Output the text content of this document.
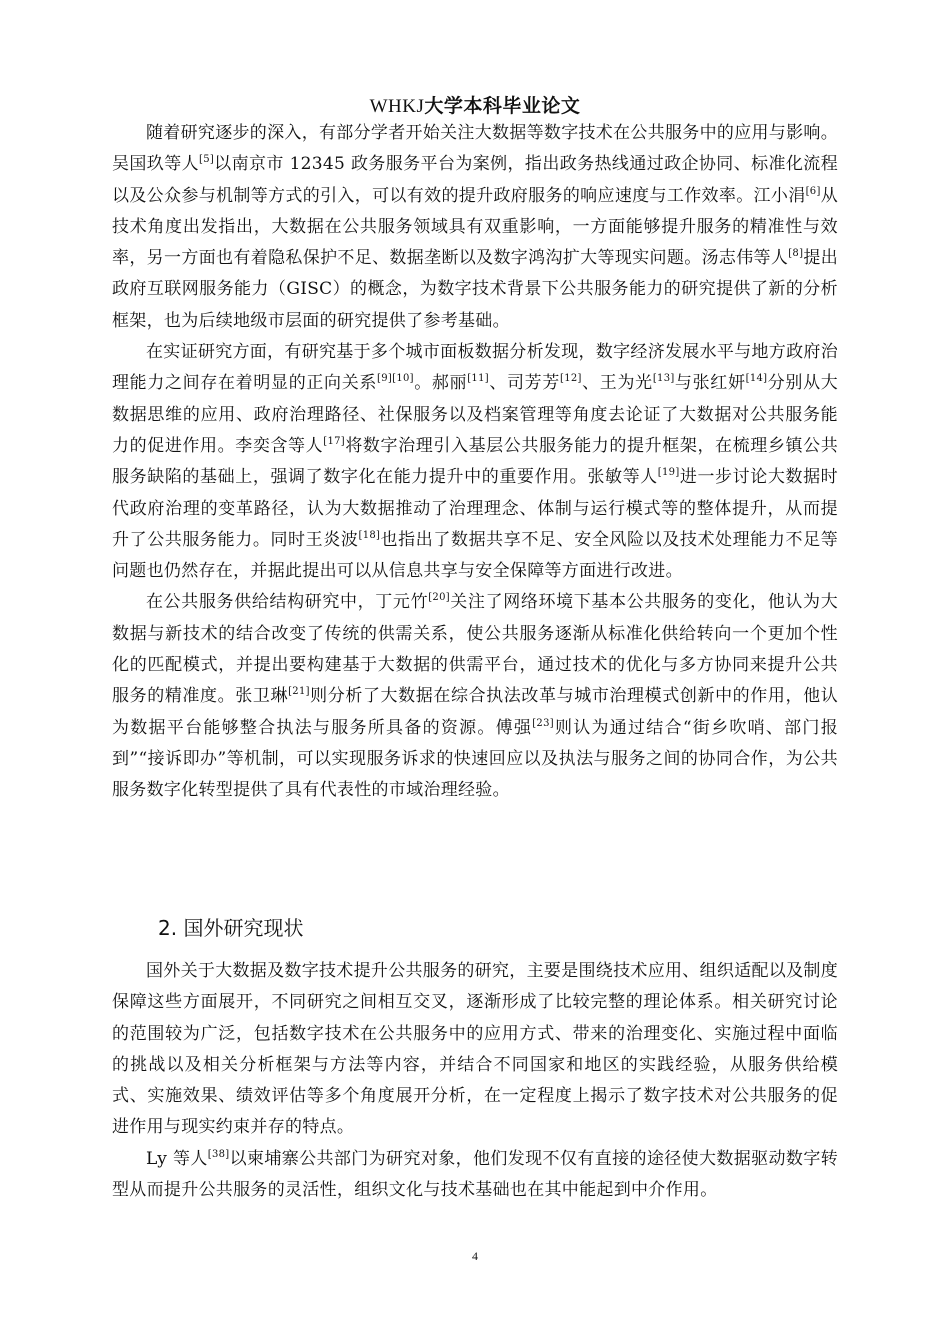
WHKJ大学本科毕业论文

随着研究逐步的深入，有部分学者开始关注大数据等数字技术在公共服务中的应用与影响。吴国玖等人[5]以南京市 12345 政务服务平台为案例，指出政务热线通过政企协同、标准化流程以及公众参与机制等方式的引入，可以有效的提升政府服务的响应速度与工作效率。江小涓[6]从技术角度出发指出，大数据在公共服务领域具有双重影响，一方面能够提升服务的精准性与效率，另一方面也有着隐私保护不足、数据垄断以及数字鸿沟扩大等现实问题。汤志伟等人[8]提出政府互联网服务能力（GISC）的概念，为数字技术背景下公共服务能力的研究提供了新的分析框架，也为后续地级市层面的研究提供了参考基础。

在实证研究方面，有研究基于多个城市面板数据分析发现，数字经济发展水平与地方政府治理能力之间存在着明显的正向关系[9][10]。郝丽[11]、司芳芳[12]、王为光[13]与张红妍[14]分别从大数据思维的应用、政府治理路径、社保服务以及档案管理等角度去论证了大数据对公共服务能力的促进作用。李奕含等人[17]将数字治理引入基层公共服务能力的提升框架，在梳理乡镇公共服务缺陷的基础上，强调了数字化在能力提升中的重要作用。张敏等人[19]进一步讨论大数据时代政府治理的变革路径，认为大数据推动了治理理念、体制与运行模式等的整体提升，从而提升了公共服务能力。同时王炎波[18]也指出了数据共享不足、安全风险以及技术处理能力不足等问题也仍然存在，并据此提出可以从信息共享与安全保障等方面进行改进。

在公共服务供给结构研究中，丁元竹[20]关注了网络环境下基本公共服务的变化，他认为大数据与新技术的结合改变了传统的供需关系，使公共服务逐渐从标准化供给转向一个更加个性化的匹配模式，并提出要构建基于大数据的供需平台，通过技术的优化与多方协同来提升公共服务的精准度。张卫琳[21]则分析了大数据在综合执法改革与城市治理模式创新中的作用，他认为数据平台能够整合执法与服务所具备的资源。傅强[23]则认为通过结合“街乡吹哨、部门报到”“接诉即办”等机制，可以实现服务诉求的快速回应以及执法与服务之间的协同合作，为公共服务数字化转型提供了具有代表性的市域治理经验。

2. 国外研究现状

国外关于大数据及数字技术提升公共服务的研究，主要是围绕技术应用、组织适配以及制度保障这些方面展开，不同研究之间相互交叉，逐渐形成了比较完整的理论体系。相关研究讨论的范围较为广泛，包括数字技术在公共服务中的应用方式、带来的治理变化、实施过程中面临的挑战以及相关分析框架与方法等内容，并结合不同国家和地区的实践经验，从服务供给模式、实施效果、绩效评估等多个角度展开分析，在一定程度上揭示了数字技术对公共服务的促进作用与现实约束并存的特点。

Ly 等人[38]以柬埔寨公共部门为研究对象，他们发现不仅有直接的途径使大数据驱动数字转型从而提升公共服务的灵活性，组织文化与技术基础也在其中能起到中介作用。

4
